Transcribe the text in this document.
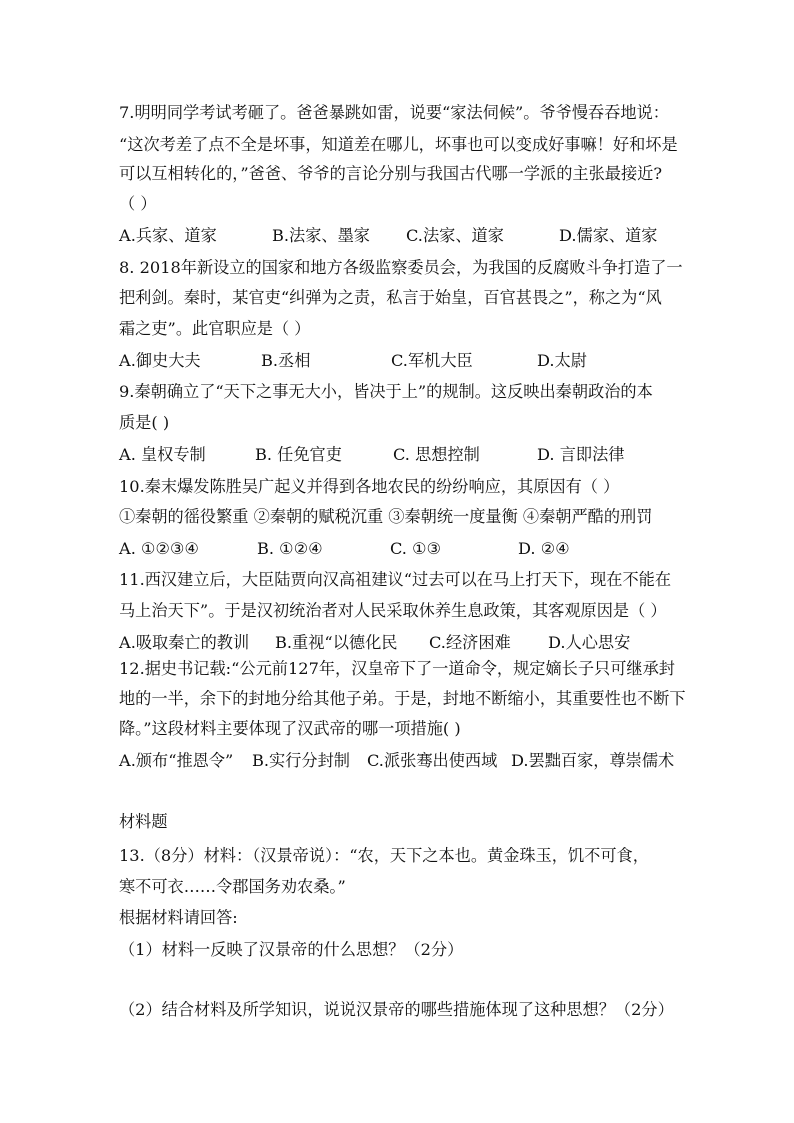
7.明明同学考试考砸了。爸爸暴跳如雷，说要“家法伺候”。爷爷慢吞吞地说：
“这次考差了点不全是坏事，知道差在哪儿，坏事也可以变成好事嘛！好和坏是
可以互相转化的，”爸爸、爷爷的言论分别与我国古代哪一学派的主张最接近?
（ ）
A.兵家、道家	B.法家、墨家 C.法家、道家	D.儒家、道家
8. 2018年新设立的国家和地方各级监察委员会，为我国的反腐败斗争打造了一
把利剑。秦时，某官吏“纠弹为之责，私言于始皇，百官甚畏之”，称之为“风
霜之吏”。此官职应是（ ）
A.御史大夫	B.丞相	C.军机大臣	D.太尉
9.秦朝确立了“天下之事无大小，皆决于上”的规制。这反映出秦朝政治的本
质是( )
A. 皇权专制	B. 任免官吏	C. 思想控制	D. 言即法律
10.秦末爆发陈胜吴广起义并得到各地农民的纷纷响应，其原因有（ ）
①秦朝的徭役繁重 ②秦朝的赋税沉重 ③秦朝统一度量衡 ④秦朝严酷的刑罚
A. ①②③④	B. ①②④	C. ①③	D. ②④
11.西汉建立后，大臣陆贾向汉高祖建议“过去可以在马上打天下，现在不能在
马上治天下”。于是汉初统治者对人民采取休养生息政策，其客观原因是（ ）
A.吸取秦亡的教训 B.重视“以德化民 C.经济困难 D.人心思安
12.据史书记载:“公元前127年，汉皇帝下了一道命令，规定嫡长子只可继承封
地的一半，余下的封地分给其他子弟。于是，封地不断缩小，其重要性也不断下
降。”这段材料主要体现了汉武帝的哪一项措施( )
A.颁布“推恩令” B.实行分封制 C.派张骞出使西域 D.罢黜百家，尊崇儒术
材料题
13.（8分）材料：（汉景帝说）：“农，天下之本也。黄金珠玉，饥不可食，
寒不可衣……令郡国务劝农桑。”
根据材料请回答:
（1）材料一反映了汉景帝的什么思想？（2分）
（2）结合材料及所学知识，说说汉景帝的哪些措施体现了这种思想？（2分）
